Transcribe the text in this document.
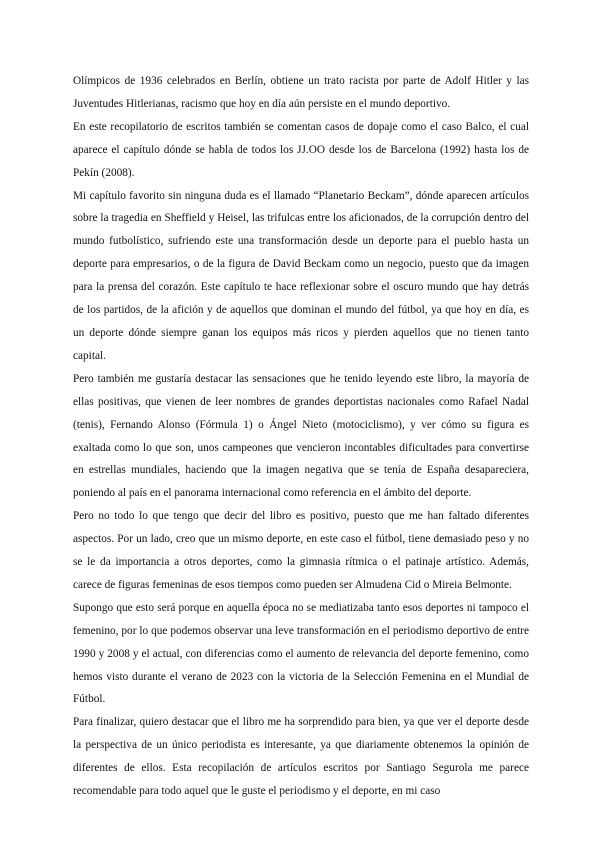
Olímpicos de 1936 celebrados en Berlín, obtiene un trato racista por parte de Adolf Hitler y las Juventudes Hitlerianas, racismo que hoy en día aún persiste en el mundo deportivo.

En este recopilatorio de escritos también se comentan casos de dopaje como el caso Balco, el cual aparece el capítulo dónde se habla de todos los JJ.OO desde los de Barcelona (1992) hasta los de Pekín (2008).

Mi capítulo favorito sin ninguna duda es el llamado “Planetario Beckam”, dónde aparecen artículos sobre la tragedia en Sheffield y Heisel, las trifulcas entre los aficionados, de la corrupción dentro del mundo futbolístico, sufriendo este una transformación desde un deporte para el pueblo hasta un deporte para empresarios, o de la figura de David Beckam como un negocio, puesto que da imagen para la prensa del corazón. Este capítulo te hace reflexionar sobre el oscuro mundo que hay detrás de los partidos, de la afición y de aquellos que dominan el mundo del fútbol, ya que hoy en día, es un deporte dónde siempre ganan los equipos más ricos y pierden aquellos que no tienen tanto capital.

Pero también me gustaría destacar las sensaciones que he tenido leyendo este libro, la mayoría de ellas positivas, que vienen de leer nombres de grandes deportistas nacionales como Rafael Nadal (tenis), Fernando Alonso (Fórmula 1) o Ángel Nieto (motociclismo), y ver cómo su figura es exaltada como lo que son, unos campeones que vencieron incontables dificultades para convertirse en estrellas mundiales, haciendo que la imagen negativa que se tenía de España desapareciera, poniendo al país en el panorama internacional como referencia en el ámbito del deporte.

Pero no todo lo que tengo que decir del libro es positivo, puesto que me han faltado diferentes aspectos. Por un lado, creo que un mismo deporte, en este caso el fútbol, tiene demasiado peso y no se le da importancia a otros deportes, como la gimnasia rítmica o el patinaje artístico. Además, carece de figuras femeninas de esos tiempos como pueden ser Almudena Cid o Mireia Belmonte.

Supongo que esto será porque en aquella época no se mediatizaba tanto esos deportes ni tampoco el femenino, por lo que podemos observar una leve transformación en el periodismo deportivo de entre 1990 y 2008 y el actual, con diferencias como el aumento de relevancia del deporte femenino, como hemos visto durante el verano de 2023 con la victoria de la Selección Femenina en el Mundial de Fútbol.

Para finalizar, quiero destacar que el libro me ha sorprendido para bien, ya que ver el deporte desde la perspectiva de un único periodista es interesante, ya que diariamente obtenemos la opinión de diferentes de ellos. Esta recopilación de artículos escritos por Santiago Segurola me parece recomendable para todo aquel que le guste el periodismo y el deporte, en mi caso
